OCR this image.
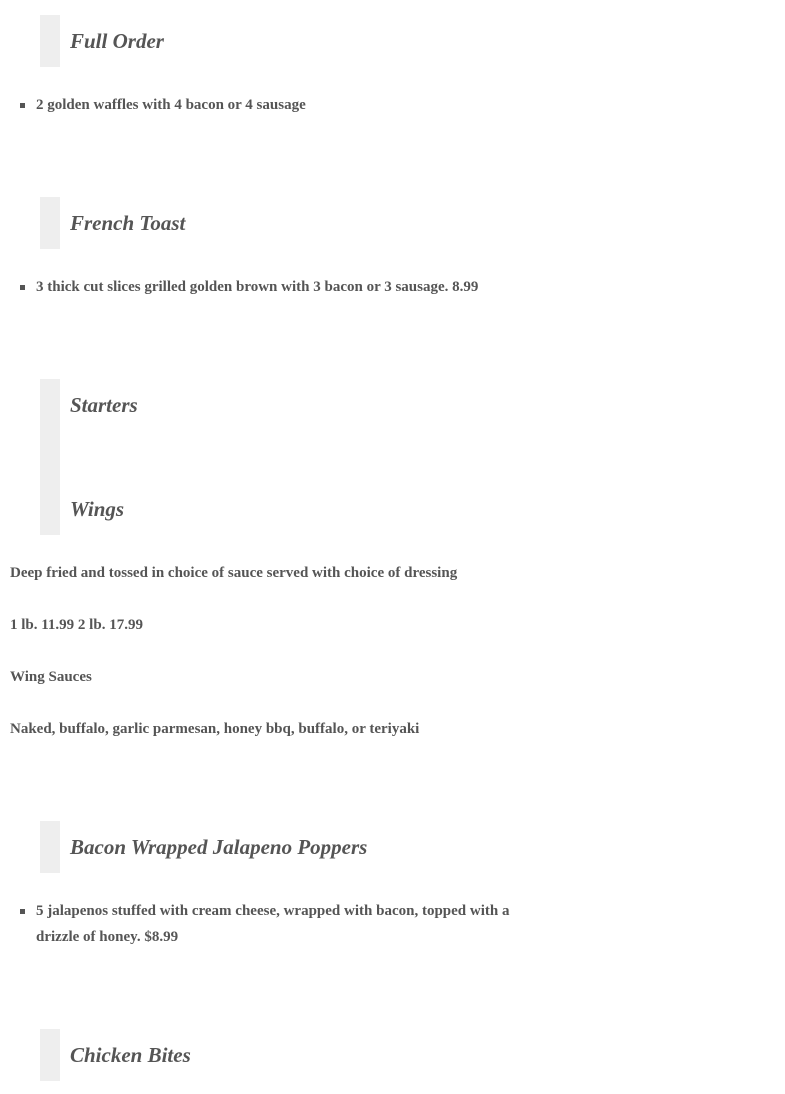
Full Order
2 golden waffles with 4 bacon or 4 sausage
French Toast
3 thick cut slices grilled golden brown with 3 bacon or 3 sausage. 8.99
Starters
Wings
Deep fried and tossed in choice of sauce served with choice of dressing
1 lb. 11.99 2 lb. 17.99
Wing Sauces
Naked, buffalo, garlic parmesan, honey bbq, buffalo, or teriyaki
Bacon Wrapped Jalapeno Poppers
5 jalapenos stuffed with cream cheese, wrapped with bacon, topped with a drizzle of honey. $8.99
Chicken Bites
